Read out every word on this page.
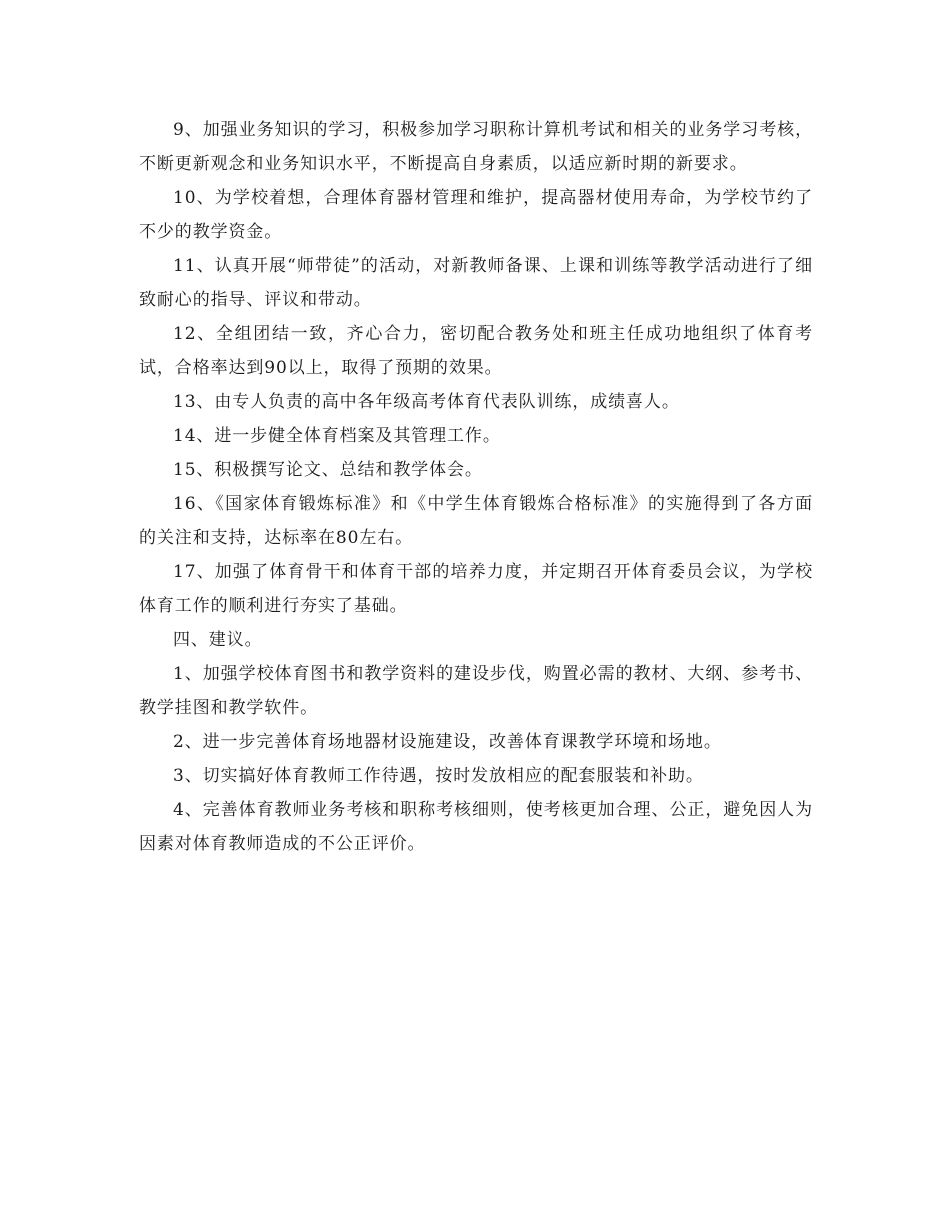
9、加强业务知识的学习，积极参加学习职称计算机考试和相关的业务学习考核，不断更新观念和业务知识水平，不断提高自身素质，以适应新时期的新要求。

10、为学校着想，合理体育器材管理和维护，提高器材使用寿命，为学校节约了不少的教学资金。

11、认真开展“师带徒”的活动，对新教师备课、上课和训练等教学活动进行了细致耐心的指导、评议和带动。

12、全组团结一致，齐心合力，密切配合教务处和班主任成功地组织了体育考试，合格率达到90以上，取得了预期的效果。

13、由专人负责的高中各年级高考体育代表队训练，成绩喜人。

14、进一步健全体育档案及其管理工作。

15、积极撰写论文、总结和教学体会。

16、《国家体育锻炼标准》和《中学生体育锻炼合格标准》的实施得到了各方面的关注和支持，达标率在80左右。

17、加强了体育骨干和体育干部的培养力度，并定期召开体育委员会议，为学校体育工作的顺利进行夯实了基础。

四、建议。

1、加强学校体育图书和教学资料的建设步伐，购置必需的教材、大纲、参考书、教学挂图和教学软件。

2、进一步完善体育场地器材设施建设，改善体育课教学环境和场地。

3、切实搞好体育教师工作待遇，按时发放相应的配套服装和补助。

4、完善体育教师业务考核和职称考核细则，使考核更加合理、公正，避免因人为因素对体育教师造成的不公正评价。
